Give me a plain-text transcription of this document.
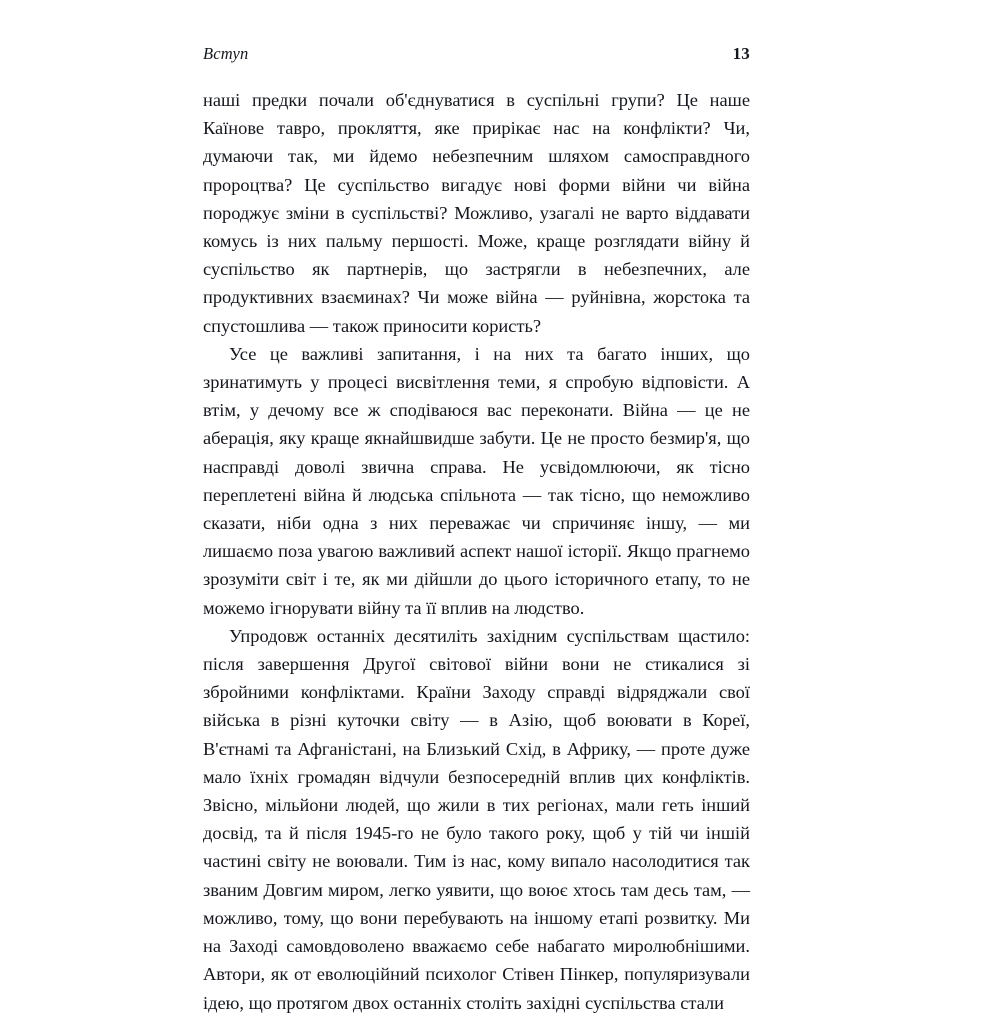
Вступ	13

наші предки почали об'єднуватися в суспільні групи? Це наше Каїнове тавро, прокляття, яке прирікає нас на конфлікти? Чи, думаючи так, ми йдемо небезпечним шляхом самосправдного пророцтва? Це суспільство вигадує нові форми війни чи війна породжує зміни в суспільстві? Можливо, узагалі не варто віддавати комусь із них пальму першості. Може, краще розглядати війну й суспільство як партнерів, що застрягли в небезпечних, але продуктивних взаєминах? Чи може війна — руйнівна, жорстока та спустошлива — також приносити користь?

Усе це важливі запитання, і на них та багато інших, що зринатимуть у процесі висвітлення теми, я спробую відповісти. А втім, у дечому все ж сподіваюся вас переконати. Війна — це не аберація, яку краще якнайшвидше забути. Це не просто безмир'я, що насправді доволі звична справа. Не усвідомлюючи, як тісно переплетені війна й людська спільнота — так тісно, що неможливо сказати, ніби одна з них переважає чи спричиняє іншу, — ми лишаємо поза увагою важливий аспект нашої історії. Якщо прагнемо зрозуміти світ і те, як ми дійшли до цього історичного етапу, то не можемо ігнорувати війну та її вплив на людство.

Упродовж останніх десятиліть західним суспільствам щастило: після завершення Другої світової війни вони не стикалися зі збройними конфліктами. Країни Заходу справді відряджали свої війська в різні куточки світу — в Азію, щоб воювати в Кореї, В'єтнамі та Афганістані, на Близький Схід, в Африку, — проте дуже мало їхніх громадян відчули безпосередній вплив цих конфліктів. Звісно, мільйони людей, що жили в тих регіонах, мали геть інший досвід, та й після 1945-го не було такого року, щоб у тій чи іншій частині світу не воювали. Тим із нас, кому випало насолодитися так званим Довгим миром, легко уявити, що воює хтось там десь там, — можливо, тому, що вони перебувають на іншому етапі розвитку. Ми на Заході самовдоволено вважаємо себе набагато миролюбнішими. Автори, як от еволюційний психолог Стівен Пінкер, популяризували ідею, що протягом двох останніх століть західні суспільства стали
